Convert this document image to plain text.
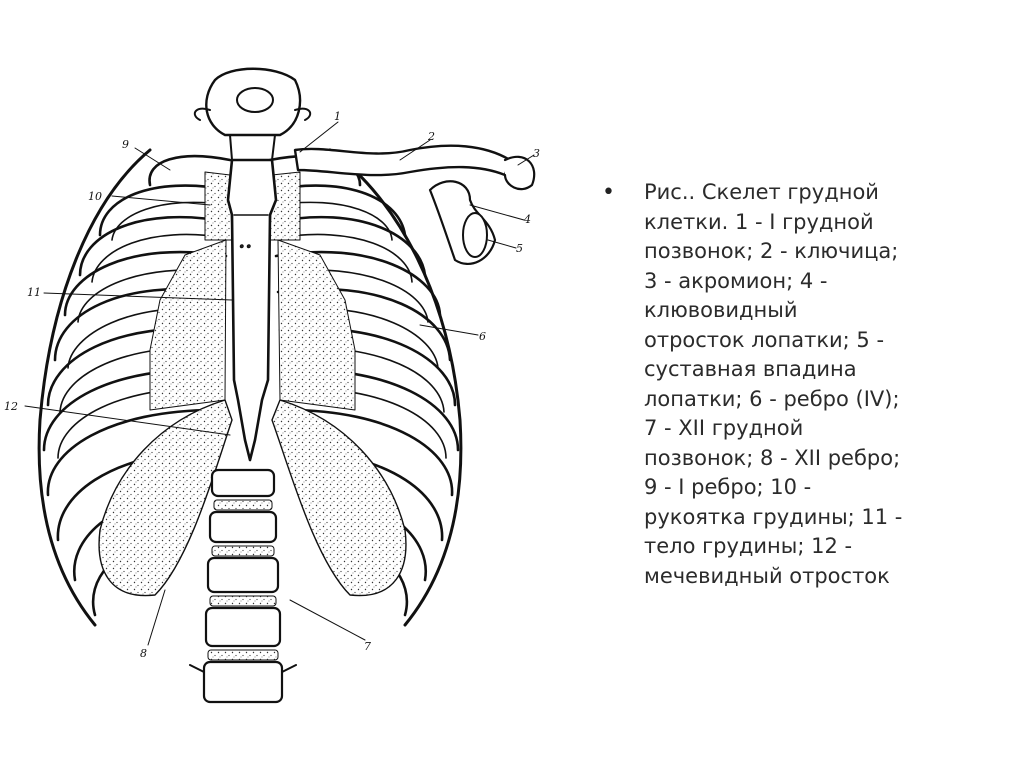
· ·
1
2
3
4
5
6
7
8
9
10
11
12
•	Рис.. Скелет грудной
клетки. 1 - I грудной
позвонок; 2 - ключица;
3 - акромион; 4 -
клювовидный
отросток лопатки; 5 -
суставная впадина
лопатки; 6 - ребро (IV);
7 - XII грудной
позвонок; 8 - XII ребро;
9 - I ребро; 10 -
рукоятка грудины; 11 -
тело грудины; 12 -
мечевидный отросток
